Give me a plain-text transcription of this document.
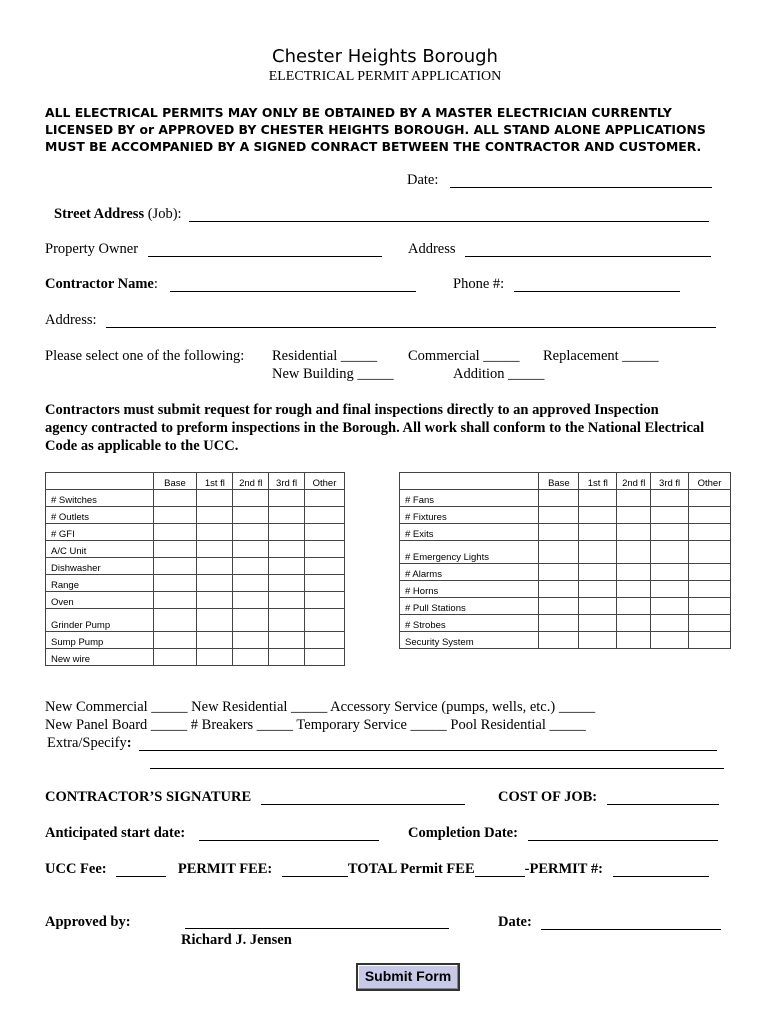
Chester Heights Borough
ELECTRICAL PERMIT APPLICATION
ALL ELECTRICAL PERMITS MAY ONLY BE OBTAINED BY A MASTER ELECTRICIAN CURRENTLY LICENSED BY or APPROVED BY CHESTER HEIGHTS BOROUGH. ALL STAND ALONE APPLICATIONS MUST BE ACCOMPANIED BY A SIGNED CONRACT BETWEEN THE CONTRACTOR AND CUSTOMER.
Date:
Street Address (Job):
Property Owner	Address
Contractor Name:	Phone #:
Address:
Please select one of the following: Residential _____ Commercial _____ Replacement _____
New Building _____	Addition _____
Contractors must submit request for rough and final inspections directly to an approved Inspection agency contracted to preform inspections in the Borough. All work shall conform to the National Electrical Code as applicable to the UCC.
	Base	1st fl	2nd fl	3rd fl	Other
# Switches					
# Outlets					
# GFI					
A/C Unit					
Dishwasher					
Range					
Oven					
Grinder Pump					
Sump Pump					
New wire					
	Base	1st fl	2nd fl	3rd fl	Other
# Fans					
# Fixtures					
# Exits					
# Emergency Lights					
# Alarms					
# Horns					
# Pull Stations					
# Strobes					
Security System					
New Commercial _____ New Residential _____ Accessory Service (pumps, wells, etc.) _____
New Panel Board _____ # Breakers _____ Temporary Service _____ Pool Residential _____
Extra/Specify:
CONTRACTOR’S SIGNATURE	COST OF JOB:
Anticipated start date:	Completion Date:
UCC Fee:	PERMIT FEE:	TOTAL Permit FEE	-PERMIT #:
Approved by:
Richard J. Jensen
Date:
Submit Form
